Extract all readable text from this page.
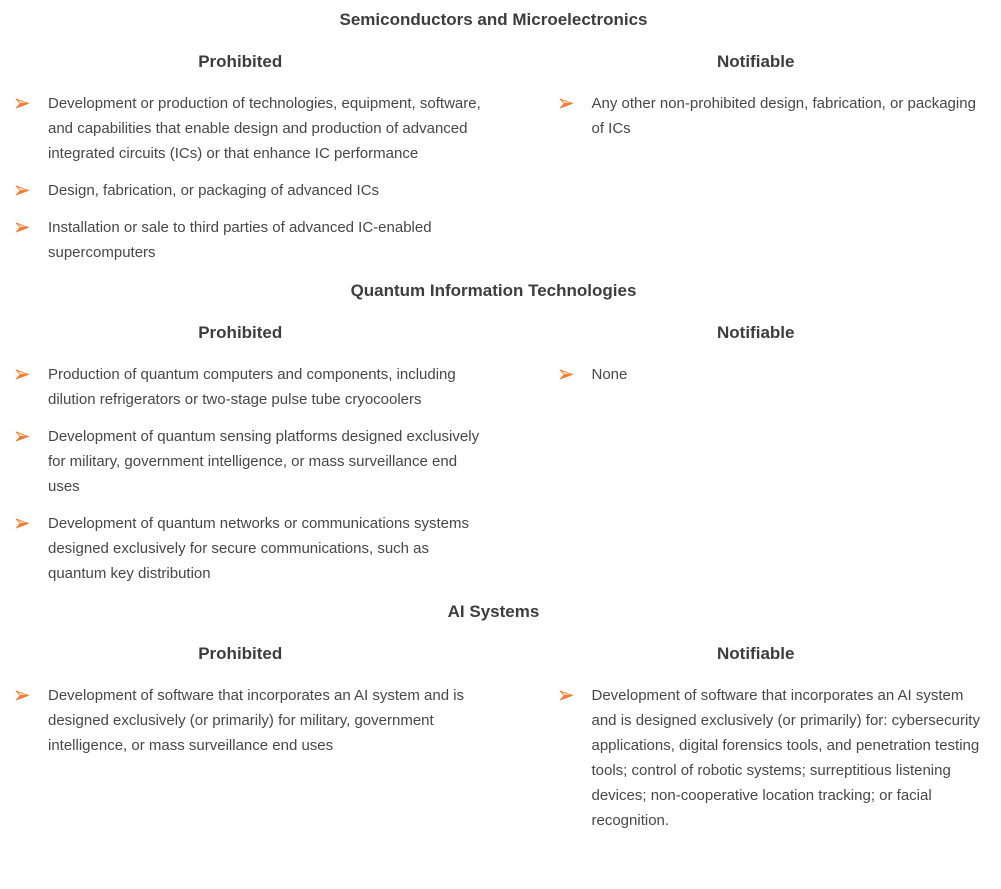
Semiconductors and Microelectronics
Prohibited
Development or production of technologies, equipment, software, and capabilities that enable design and production of advanced integrated circuits (ICs) or that enhance IC performance
Design, fabrication, or packaging of advanced ICs
Installation or sale to third parties of advanced IC-enabled supercomputers
Notifiable
Any other non-prohibited design, fabrication, or packaging of ICs
Quantum Information Technologies
Prohibited
Production of quantum computers and components, including dilution refrigerators or two-stage pulse tube cryocoolers
Development of quantum sensing platforms designed exclusively for military, government intelligence, or mass surveillance end uses
Development of quantum networks or communications systems designed exclusively for secure communications, such as quantum key distribution
Notifiable
None
AI Systems
Prohibited
Development of software that incorporates an AI system and is designed exclusively (or primarily) for military, government intelligence, or mass surveillance end uses
Notifiable
Development of software that incorporates an AI system and is designed exclusively (or primarily) for: cybersecurity applications, digital forensics tools, and penetration testing tools; control of robotic systems; surreptitious listening devices; non-cooperative location tracking; or facial recognition.
